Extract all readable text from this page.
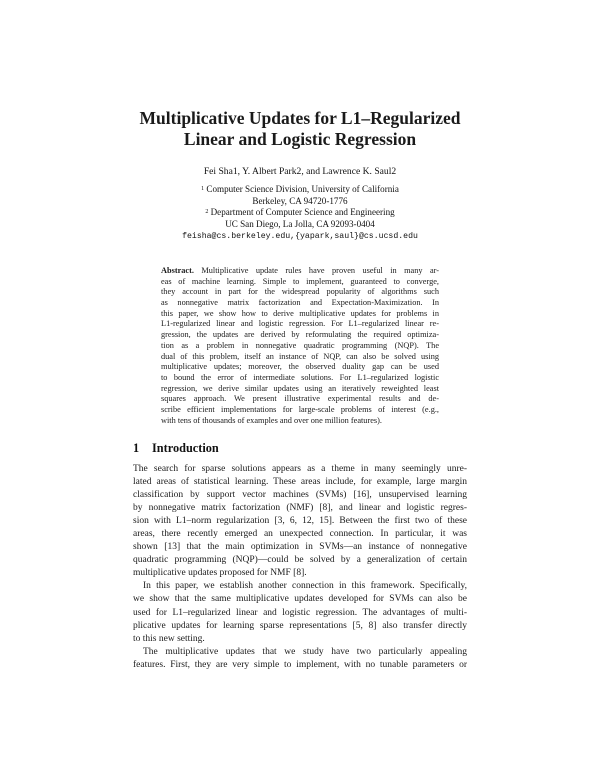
Multiplicative Updates for L1–Regularized
Linear and Logistic Regression
Fei Sha1, Y. Albert Park2, and Lawrence K. Saul2
$^1$ Computer Science Division, University of California
Berkeley, CA 94720-1776
$^2$ Department of Computer Science and Engineering
UC San Diego, La Jolla, CA 92093-0404
feisha@cs.berkeley.edu,{yapark,saul}@cs.ucsd.edu
Abstract. Multiplicative update rules have proven useful in many ar-
eas of machine learning. Simple to implement, guaranteed to converge,
they account in part for the widespread popularity of algorithms such
as nonnegative matrix factorization and Expectation-Maximization. In
this paper, we show how to derive multiplicative updates for problems in
L1-regularized linear and logistic regression. For L1–regularized linear re-
gression, the updates are derived by reformulating the required optimiza-
tion as a problem in nonnegative quadratic programming (NQP). The
dual of this problem, itself an instance of NQP, can also be solved using
multiplicative updates; moreover, the observed duality gap can be used
to bound the error of intermediate solutions. For L1–regularized logistic
regression, we derive similar updates using an iteratively reweighted least
squares approach. We present illustrative experimental results and de-
scribe efficient implementations for large-scale problems of interest (e.g.,
with tens of thousands of examples and over one million features).
1 Introduction
The search for sparse solutions appears as a theme in many seemingly unre-
lated areas of statistical learning. These areas include, for example, large margin
classification by support vector machines (SVMs) [16], unsupervised learning
by nonnegative matrix factorization (NMF) [8], and linear and logistic regres-
sion with L1–norm regularization [3, 6, 12, 15]. Between the first two of these
areas, there recently emerged an unexpected connection. In particular, it was
shown [13] that the main optimization in SVMs—an instance of nonnegative
quadratic programming (NQP)—could be solved by a generalization of certain
multiplicative updates proposed for NMF [8].
In this paper, we establish another connection in this framework. Specifically,
we show that the same multiplicative updates developed for SVMs can also be
used for L1–regularized linear and logistic regression. The advantages of multi-
plicative updates for learning sparse representations [5, 8] also transfer directly
to this new setting.
The multiplicative updates that we study have two particularly appealing
features. First, they are very simple to implement, with no tunable parameters or
